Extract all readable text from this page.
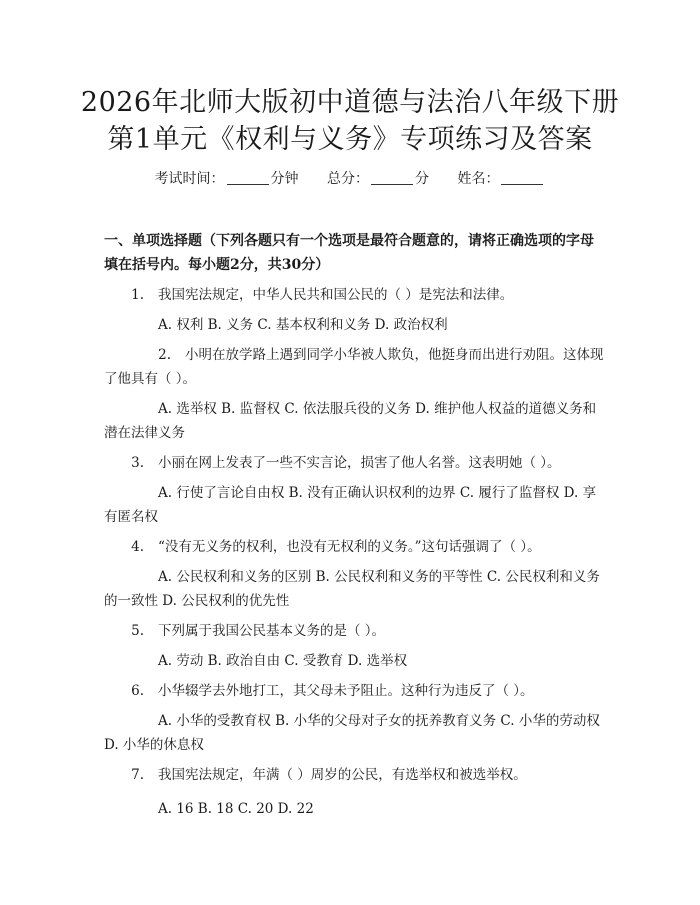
2026年北师大版初中道德与法治八年级下册
第1单元《权利与义务》专项练习及答案
考试时间：	分钟 总分：	分 姓名：
一、单项选择题（下列各题只有一个选项是最符合题意的，请将正确选项的字母填在括号内。每小题2分，共30分）
1. 我国宪法规定，中华人民共和国公民的（ ）是宪法和法律。
A. 权利 B. 义务 C. 基本权利和义务 D. 政治权利
2. 小明在放学路上遇到同学小华被人欺负，他挺身而出进行劝阻。这体现了他具有（ ）。
A. 选举权 B. 监督权 C. 依法服兵役的义务 D. 维护他人权益的道德义务和潜在法律义务
3. 小丽在网上发表了一些不实言论，损害了他人名誉。这表明她（ ）。
A. 行使了言论自由权 B. 没有正确认识权利的边界 C. 履行了监督权 D. 享有匿名权
4. “没有无义务的权利，也没有无权利的义务。”这句话强调了（ ）。
A. 公民权利和义务的区别 B. 公民权利和义务的平等性 C. 公民权利和义务的一致性 D. 公民权利的优先性
5. 下列属于我国公民基本义务的是（ ）。
A. 劳动 B. 政治自由 C. 受教育 D. 选举权
6. 小华辍学去外地打工，其父母未予阻止。这种行为违反了（ ）。
A. 小华的受教育权 B. 小华的父母对子女的抚养教育义务 C. 小华的劳动权 D. 小华的休息权
7. 我国宪法规定，年满（ ）周岁的公民，有选举权和被选举权。
A. 16 B. 18 C. 20 D. 22
